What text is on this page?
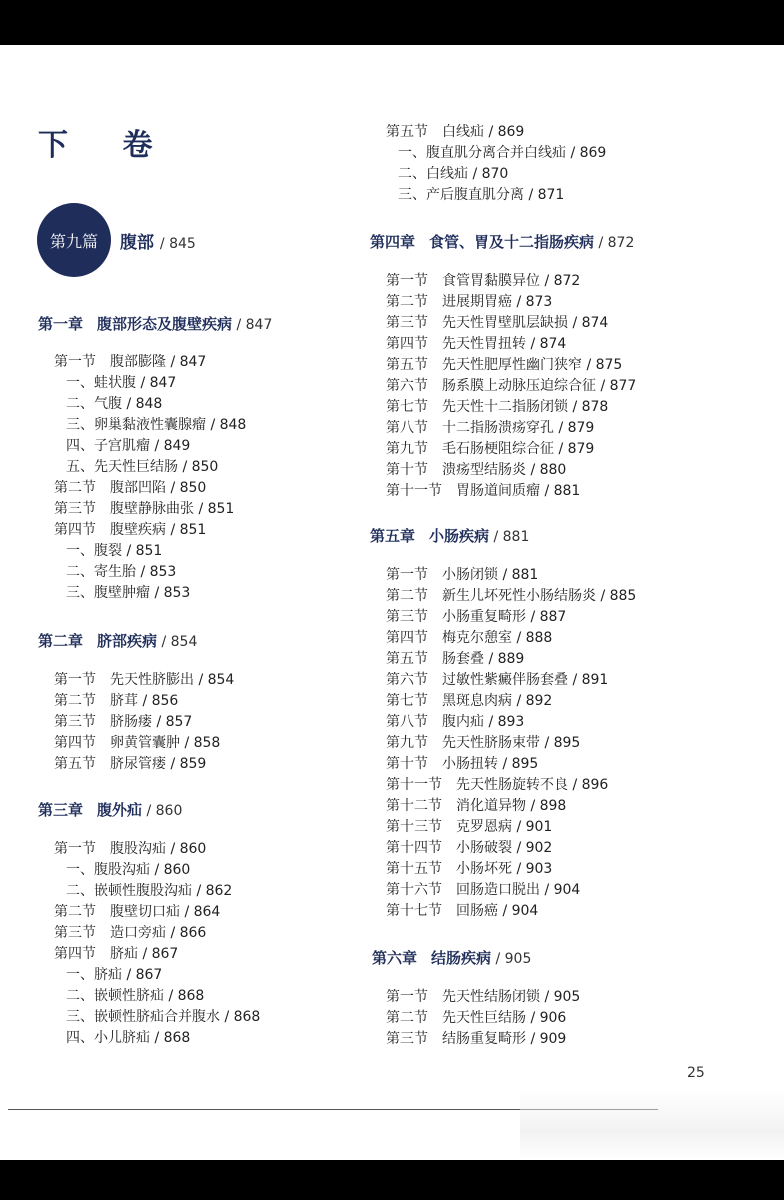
下 卷
第九篇	腹部 / 845
第一章 腹部形态及腹壁疾病 / 847
第一节 腹部膨隆 / 847
一、蛙状腹 / 847
二、气腹 / 848
三、卵巢黏液性囊腺瘤 / 848
四、子宫肌瘤 / 849
五、先天性巨结肠 / 850
第二节 腹部凹陷 / 850
第三节 腹壁静脉曲张 / 851
第四节 腹壁疾病 / 851
一、腹裂 / 851
二、寄生胎 / 853
三、腹壁肿瘤 / 853
第二章 脐部疾病 / 854
第一节 先天性脐膨出 / 854
第二节 脐茸 / 856
第三节 脐肠瘘 / 857
第四节 卵黄管囊肿 / 858
第五节 脐尿管瘘 / 859
第三章 腹外疝 / 860
第一节 腹股沟疝 / 860
一、腹股沟疝 / 860
二、嵌顿性腹股沟疝 / 862
第二节 腹壁切口疝 / 864
第三节 造口旁疝 / 866
第四节 脐疝 / 867
一、脐疝 / 867
二、嵌顿性脐疝 / 868
三、嵌顿性脐疝合并腹水 / 868
四、小儿脐疝 / 868
第五节 白线疝 / 869
一、腹直肌分离合并白线疝 / 869
二、白线疝 / 870
三、产后腹直肌分离 / 871
第四章 食管、胃及十二指肠疾病 / 872
第一节 食管胃黏膜异位 / 872
第二节 进展期胃癌 / 873
第三节 先天性胃壁肌层缺损 / 874
第四节 先天性胃扭转 / 874
第五节 先天性肥厚性幽门狭窄 / 875
第六节 肠系膜上动脉压迫综合征 / 877
第七节 先天性十二指肠闭锁 / 878
第八节 十二指肠溃疡穿孔 / 879
第九节 毛石肠梗阻综合征 / 879
第十节 溃疡型结肠炎 / 880
第十一节 胃肠道间质瘤 / 881
第五章 小肠疾病 / 881
第一节 小肠闭锁 / 881
第二节 新生儿坏死性小肠结肠炎 / 885
第三节 小肠重复畸形 / 887
第四节 梅克尔憩室 / 888
第五节 肠套叠 / 889
第六节 过敏性紫癜伴肠套叠 / 891
第七节 黑斑息肉病 / 892
第八节 腹内疝 / 893
第九节 先天性脐肠束带 / 895
第十节 小肠扭转 / 895
第十一节 先天性肠旋转不良 / 896
第十二节 消化道异物 / 898
第十三节 克罗恩病 / 901
第十四节 小肠破裂 / 902
第十五节 小肠坏死 / 903
第十六节 回肠造口脱出 / 904
第十七节 回肠癌 / 904
第六章 结肠疾病 / 905
第一节 先天性结肠闭锁 / 905
第二节 先天性巨结肠 / 906
第三节 结肠重复畸形 / 909
25
